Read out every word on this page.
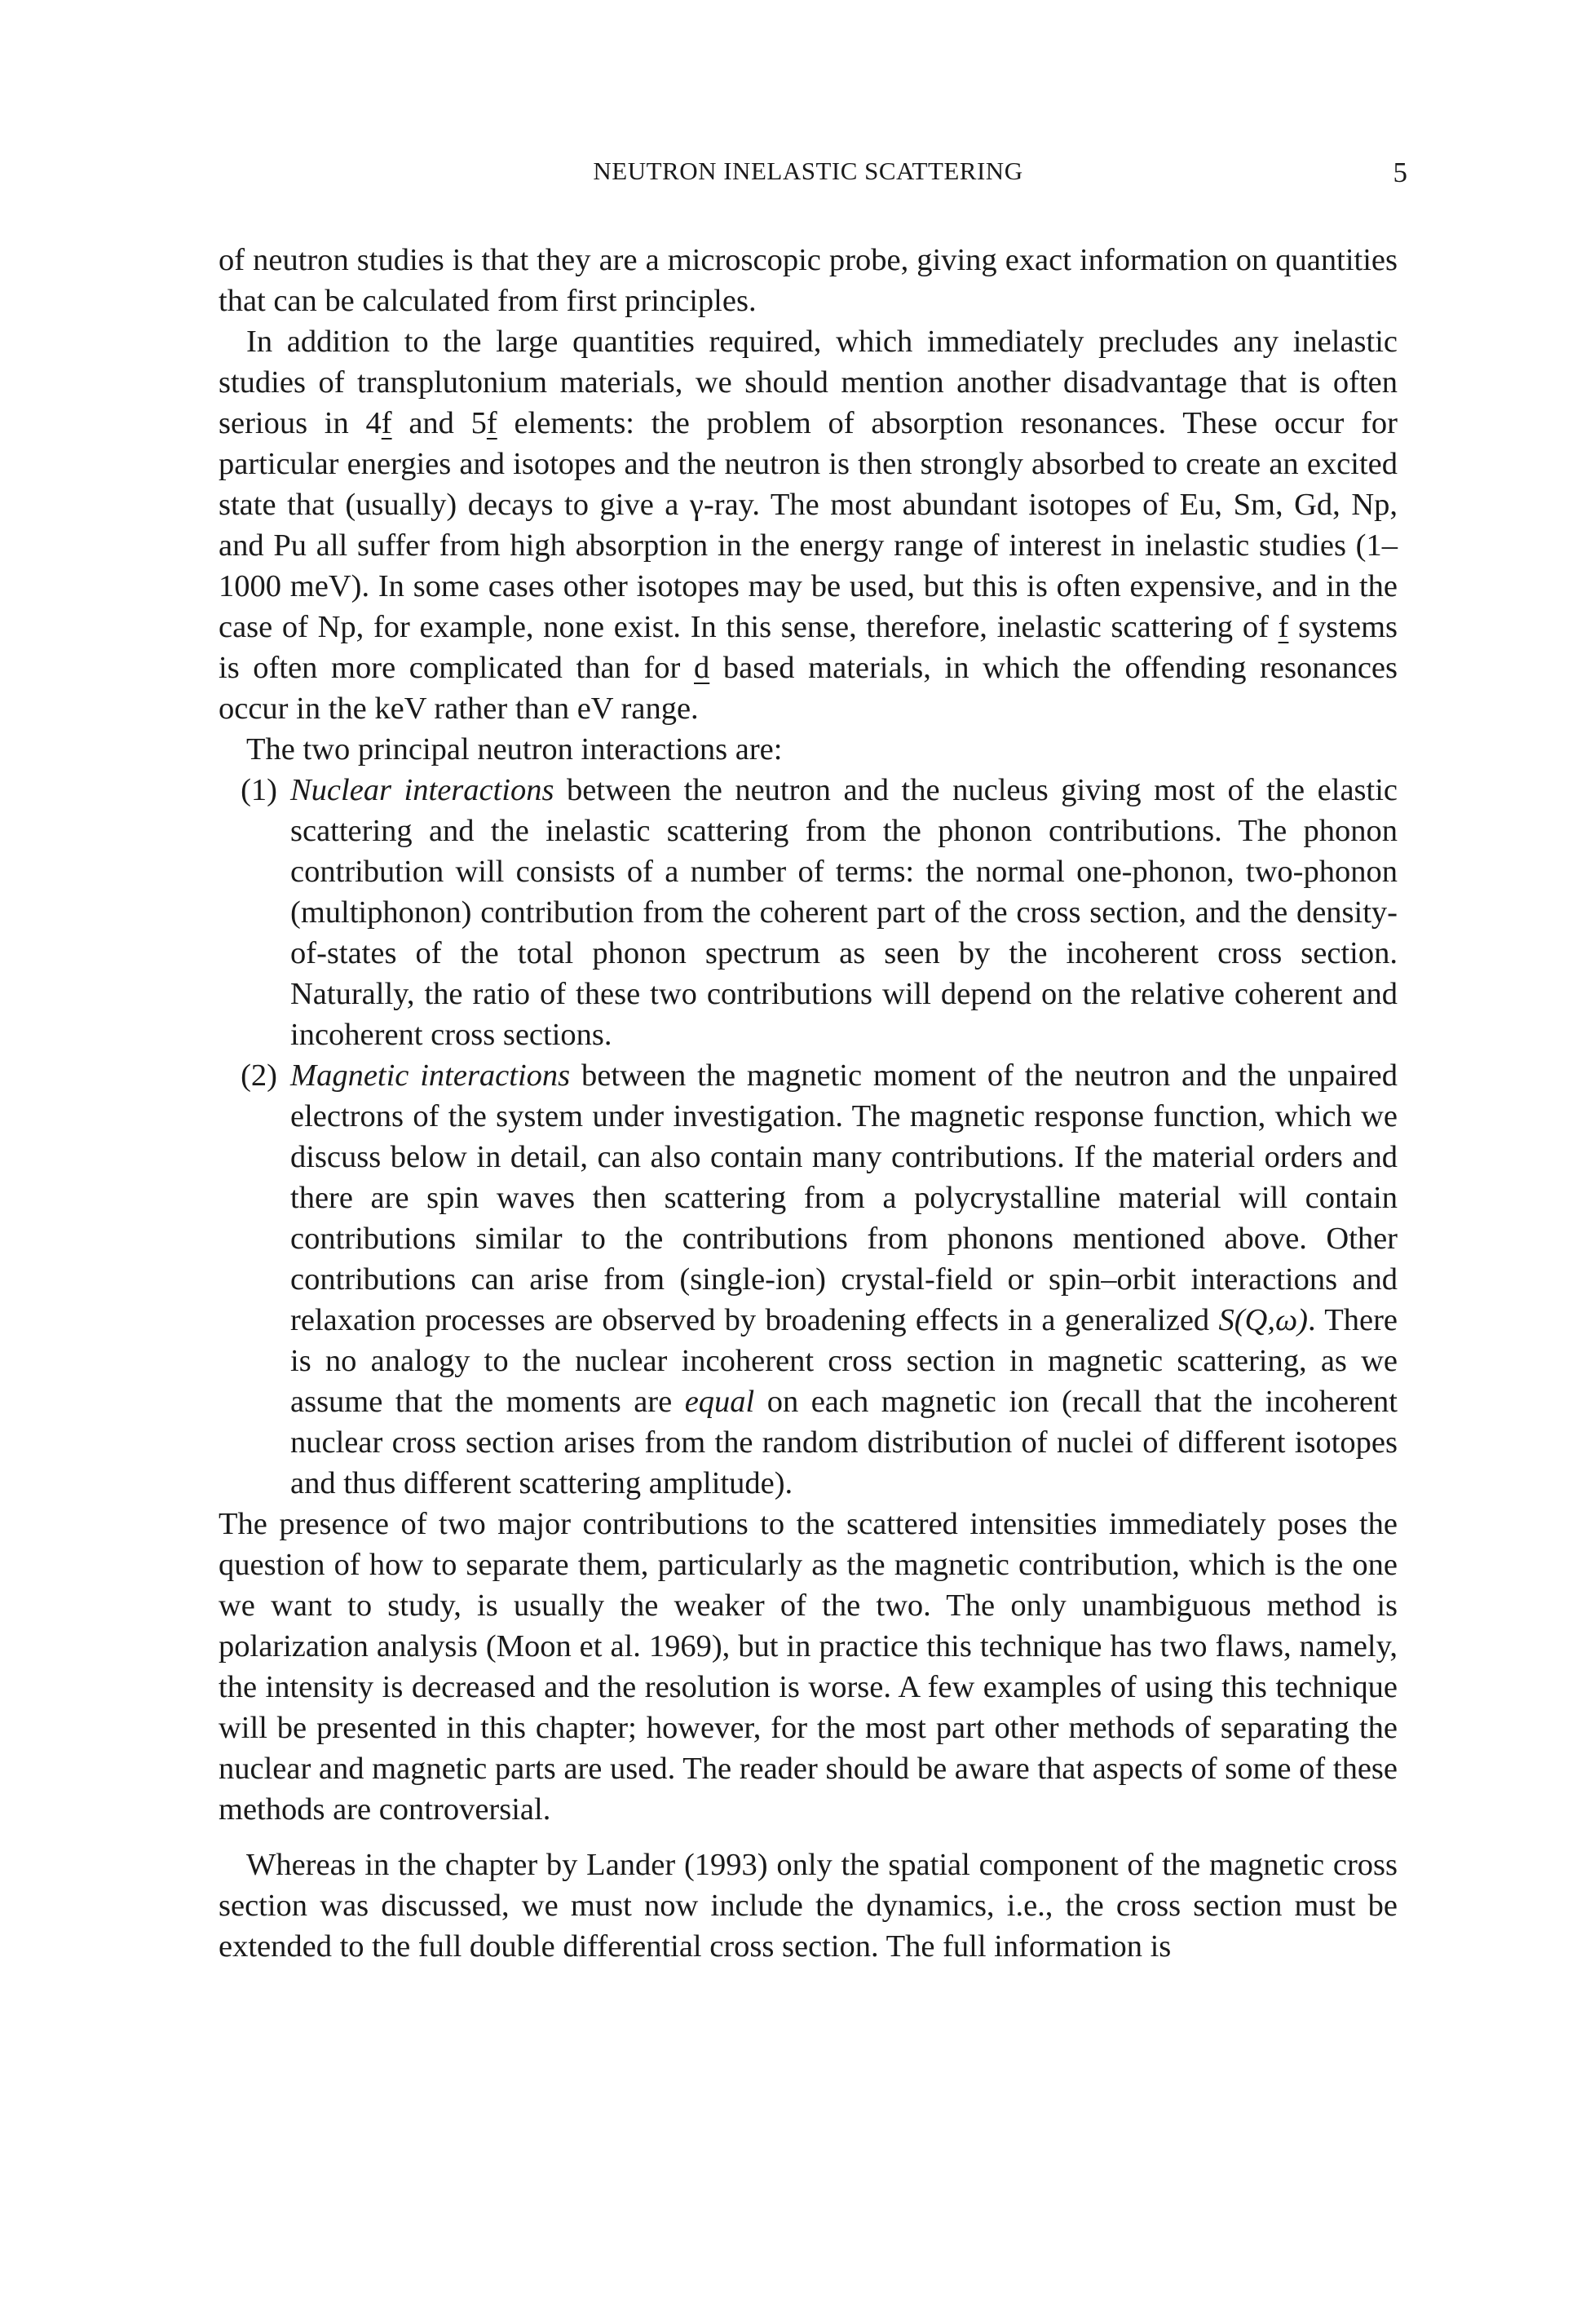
NEUTRON INELASTIC SCATTERING	5

of neutron studies is that they are a microscopic probe, giving exact information on quantities that can be calculated from first principles.

In addition to the large quantities required, which immediately precludes any inelastic studies of transplutonium materials, we should mention another disadvantage that is often serious in 4f and 5f elements: the problem of absorption resonances. These occur for particular energies and isotopes and the neutron is then strongly absorbed to create an excited state that (usually) decays to give a γ-ray. The most abundant isotopes of Eu, Sm, Gd, Np, and Pu all suffer from high absorption in the energy range of interest in inelastic studies (1–1000 meV). In some cases other isotopes may be used, but this is often expensive, and in the case of Np, for example, none exist. In this sense, therefore, inelastic scattering of f systems is often more complicated than for d based materials, in which the offending resonances occur in the keV rather than eV range.

The two principal neutron interactions are:

(1) Nuclear interactions between the neutron and the nucleus giving most of the elastic scattering and the inelastic scattering from the phonon contributions. The phonon contribution will consists of a number of terms: the normal one-phonon, two-phonon (multiphonon) contribution from the coherent part of the cross section, and the density-of-states of the total phonon spectrum as seen by the incoherent cross section. Naturally, the ratio of these two contributions will depend on the relative coherent and incoherent cross sections.

(2) Magnetic interactions between the magnetic moment of the neutron and the unpaired electrons of the system under investigation. The magnetic response function, which we discuss below in detail, can also contain many contributions. If the material orders and there are spin waves then scattering from a polycrystalline material will contain contributions similar to the contributions from phonons mentioned above. Other contributions can arise from (single-ion) crystal-field or spin–orbit interactions and relaxation processes are observed by broadening effects in a generalized S(Q,ω). There is no analogy to the nuclear incoherent cross section in magnetic scattering, as we assume that the moments are equal on each magnetic ion (recall that the incoherent nuclear cross section arises from the random distribution of nuclei of different isotopes and thus different scattering amplitude).

The presence of two major contributions to the scattered intensities immediately poses the question of how to separate them, particularly as the magnetic contribution, which is the one we want to study, is usually the weaker of the two. The only unambiguous method is polarization analysis (Moon et al. 1969), but in practice this technique has two flaws, namely, the intensity is decreased and the resolution is worse. A few examples of using this technique will be presented in this chapter; however, for the most part other methods of separating the nuclear and magnetic parts are used. The reader should be aware that aspects of some of these methods are controversial.

Whereas in the chapter by Lander (1993) only the spatial component of the magnetic cross section was discussed, we must now include the dynamics, i.e., the cross section must be extended to the full double differential cross section. The full information is
